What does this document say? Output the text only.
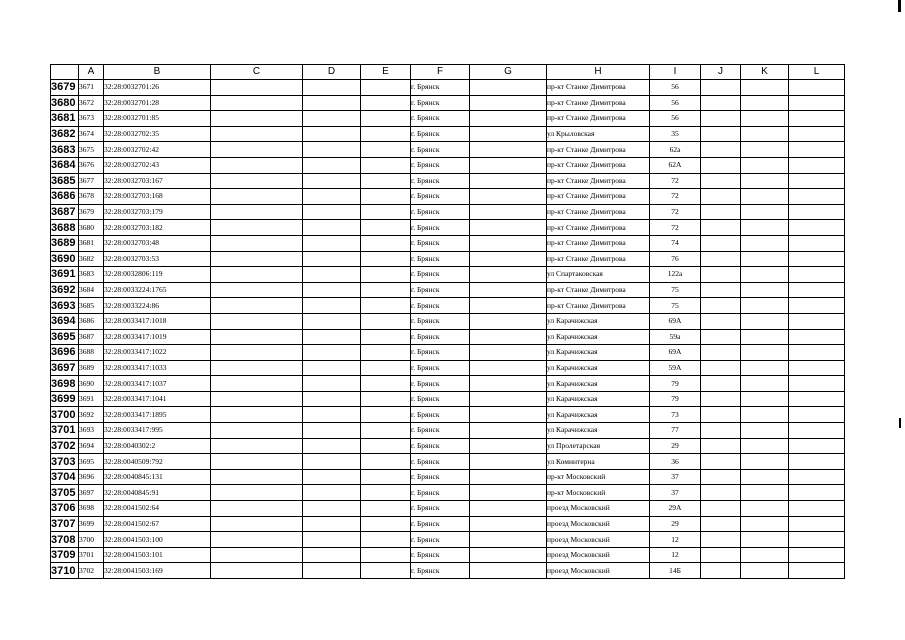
	A	B	C	D	E	F	G	H	I	J	K	L
3679	3671	32:28:0032701:26				г. Брянск		пр-кт Станке Димитрова	56			
3680	3672	32:28:0032701:28				г. Брянск		пр-кт Станке Димитрова	56			
3681	3673	32:28:0032701:85				г. Брянск		пр-кт Станке Димитрова	56			
3682	3674	32:28:0032702:35				г. Брянск		ул Крыловская	35			
3683	3675	32:28:0032702:42				г. Брянск		пр-кт Станке Димитрова	62а			
3684	3676	32:28:0032702:43				г. Брянск		пр-кт Станке Димитрова	62А			
3685	3677	32:28:0032703:167				г. Брянск		пр-кт Станке Димитрова	72			
3686	3678	32:28:0032703:168				г. Брянск		пр-кт Станке Димитрова	72			
3687	3679	32:28:0032703:179				г. Брянск		пр-кт Станке Димитрова	72			
3688	3680	32:28:0032703:182				г. Брянск		пр-кт Станке Димитрова	72			
3689	3681	32:28:0032703:48				г. Брянск		пр-кт Станке Димитрова	74			
3690	3682	32:28:0032703:53				г. Брянск		пр-кт Станке Димитрова	76			
3691	3683	32:28:0032806:119				г. Брянск		ул Спартаковская	122а			
3692	3684	32:28:0033224:1765				г. Брянск		пр-кт Станке Димитрова	75			
3693	3685	32:28:0033224:86				г. Брянск		пр-кт Станке Димитрова	75			
3694	3686	32:28:0033417:1018				г. Брянск		ул Карачижская	69А			
3695	3687	32:28:0033417:1019				г. Брянск		ул Карачижская	59а			
3696	3688	32:28:0033417:1022				г. Брянск		ул Карачижская	69А			
3697	3689	32:28:0033417:1033				г. Брянск		ул Карачижская	59А			
3698	3690	32:28:0033417:1037				г. Брянск		ул Карачижская	79			
3699	3691	32:28:0033417:1041				г. Брянск		ул Карачижская	79			
3700	3692	32:28:0033417:1895				г. Брянск		ул Карачижская	73			
3701	3693	32:28:0033417:995				г. Брянск		ул Карачижская	77			
3702	3694	32:28:0040302:2				г. Брянск		ул Пролетарская	29			
3703	3695	32:28:0040509:792				г. Брянск		ул Коминтерна	36			
3704	3696	32:28:0040845:131				г. Брянск		пр-кт Московский	37			
3705	3697	32:28:0040845:91				г. Брянск		пр-кт Московский	37			
3706	3698	32:28:0041502:64				г. Брянск		проезд Московский	29А			
3707	3699	32:28:0041502:67				г. Брянск		проезд Московский	29			
3708	3700	32:28:0041503:100				г. Брянск		проезд Московский	12			
3709	3701	32:28:0041503:101				г. Брянск		проезд Московский	12			
3710	3702	32:28:0041503:169				г. Брянск		проезд Московский	14Б			
